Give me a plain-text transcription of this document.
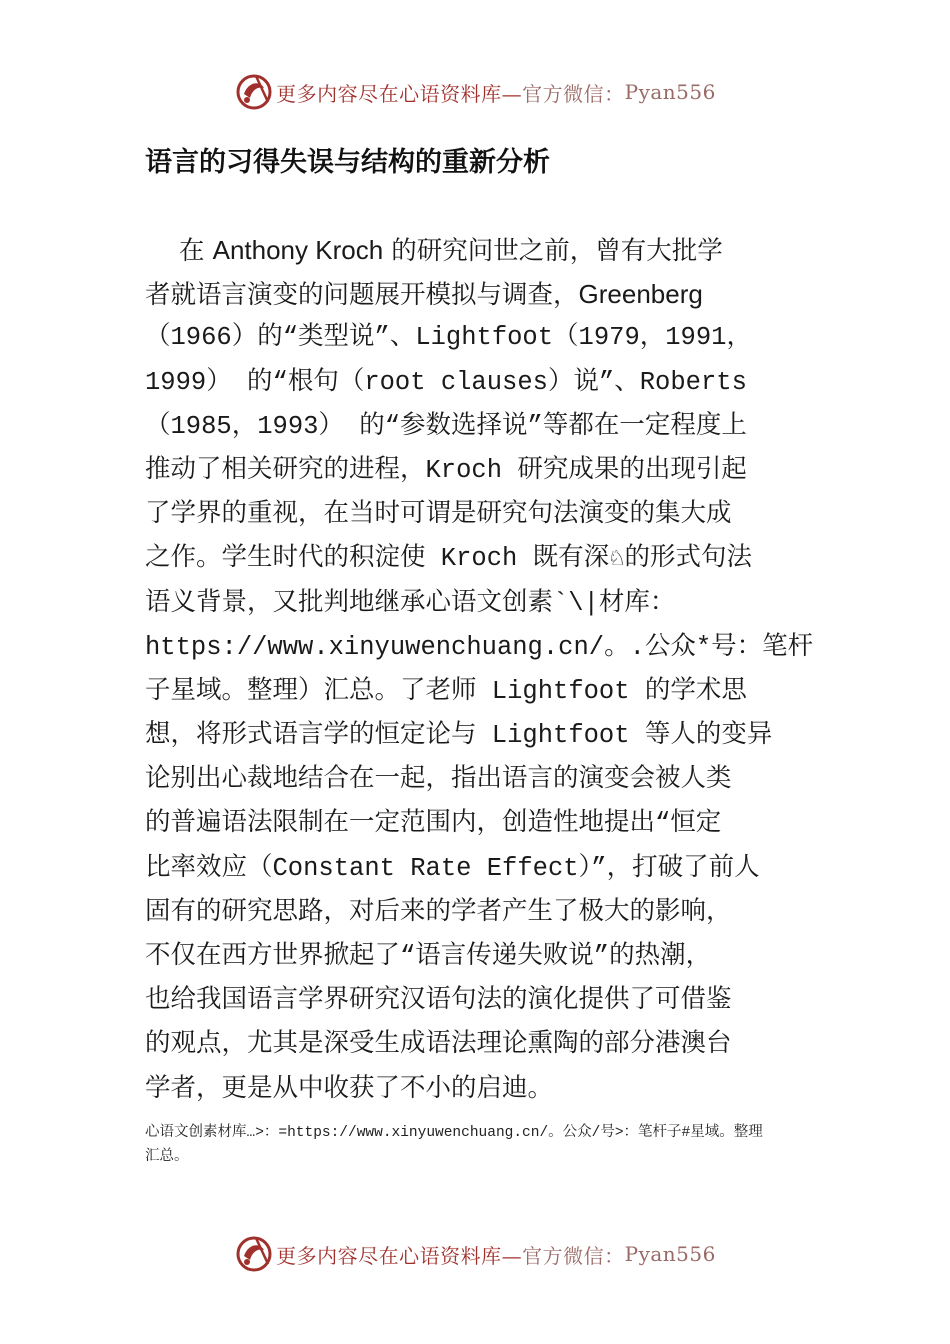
更多内容尽在心语资料库— 官方微信： Pyan556
语言的习得失误与结构的重新分析
在 Anthony Kroch 的研究问世之前，曾有大批学
者就语言演变的问题展开模拟与调查，Greenberg
（1966）的“类型说”、Lightfoot（1979，1991，
1999） 的“根句（root clauses）说”、Roberts
（1985，1993） 的“参数选择说”等都在一定程度上
推动了相关研究的进程，Kroch 研究成果的出现引起
了学界的重视，在当时可谓是研究句法演变的集大成
之作。学生时代的积淀使 Kroch 既有深♘的形式句法
语义背景，又批判地继承心语文创素`\|材库：
https://www.xinyuwenchuang.cn/。.公众*号：笔杆
子星域。整理）汇总。了老师 Lightfoot 的学术思
想，将形式语言学的恒定论与 Lightfoot 等人的变异
论别出心裁地结合在一起，指出语言的演变会被人类
的普遍语法限制在一定范围内，创造性地提出“恒定
比率效应（Constant Rate Effect）”，打破了前人
固有的研究思路，对后来的学者产生了极大的影响，
不仅在西方世界掀起了“语言传递失败说”的热潮，
也给我国语言学界研究汉语句法的演化提供了可借鉴
的观点，尤其是深受生成语法理论熏陶的部分港澳台
学者，更是从中收获了不小的启迪。
心语文创素材库…>：=https://www.xinyuwenchuang.cn/。公众/号>：笔杆子#星域。整理
汇总。
更多内容尽在心语资料库— 官方微信： Pyan556
